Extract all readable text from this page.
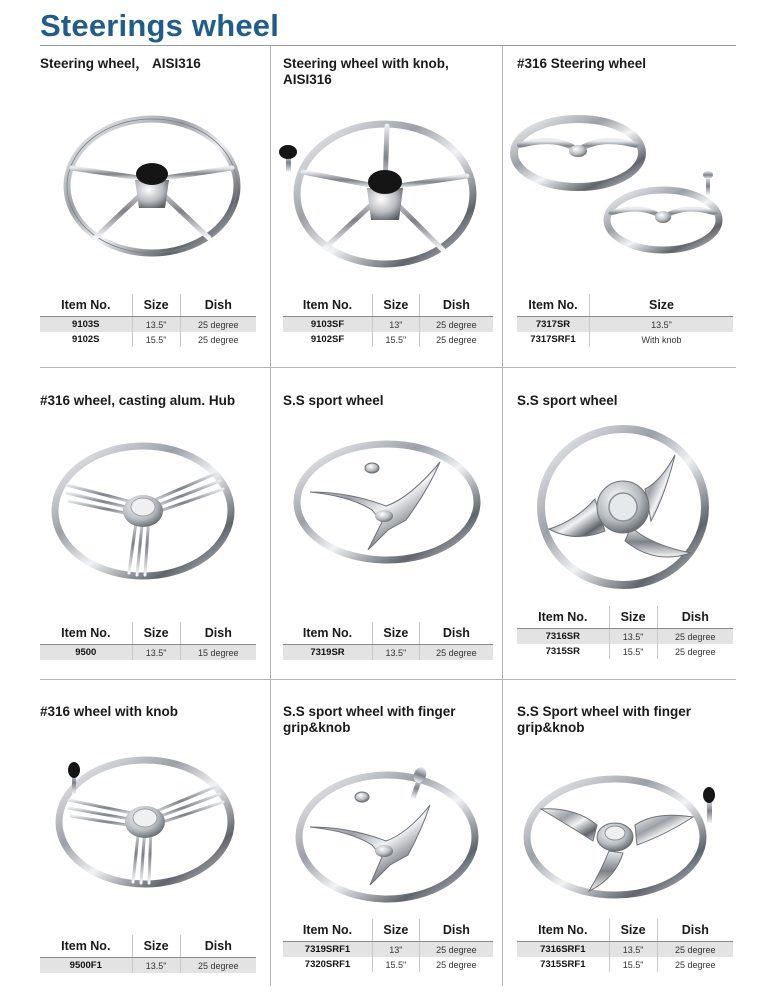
Steerings wheel
Steering wheel， AISI316
Item No.	Size	Dish
9103S	13.5"	25 degree
9102S	15.5"	25 degree
Steering wheel with knob, AISI316
Item No.	Size	Dish
9103SF	13"	25 degree
9102SF	15.5"	25 degree
#316 Steering wheel
Item No.	Size
7317SR	13.5"
7317SRF1	With knob
#316 wheel, casting alum. Hub
Item No.	Size	Dish
9500	13.5"	15 degree
S.S sport wheel
Item No.	Size	Dish
7319SR	13.5"	25 degree
S.S sport wheel
Item No.	Size	Dish
7316SR	13.5"	25 degree
7315SR	15.5"	25 degree
#316 wheel with knob
Item No.	Size	Dish
9500F1	13.5"	25 degree
S.S sport wheel with finger grip&knob
Item No.	Size	Dish
7319SRF1	13"	25 degree
7320SRF1	15.5"	25 degree
S.S Sport wheel with finger grip&knob
Item No.	Size	Dish
7316SRF1	13.5"	25 degree
7315SRF1	15.5"	25 degree
